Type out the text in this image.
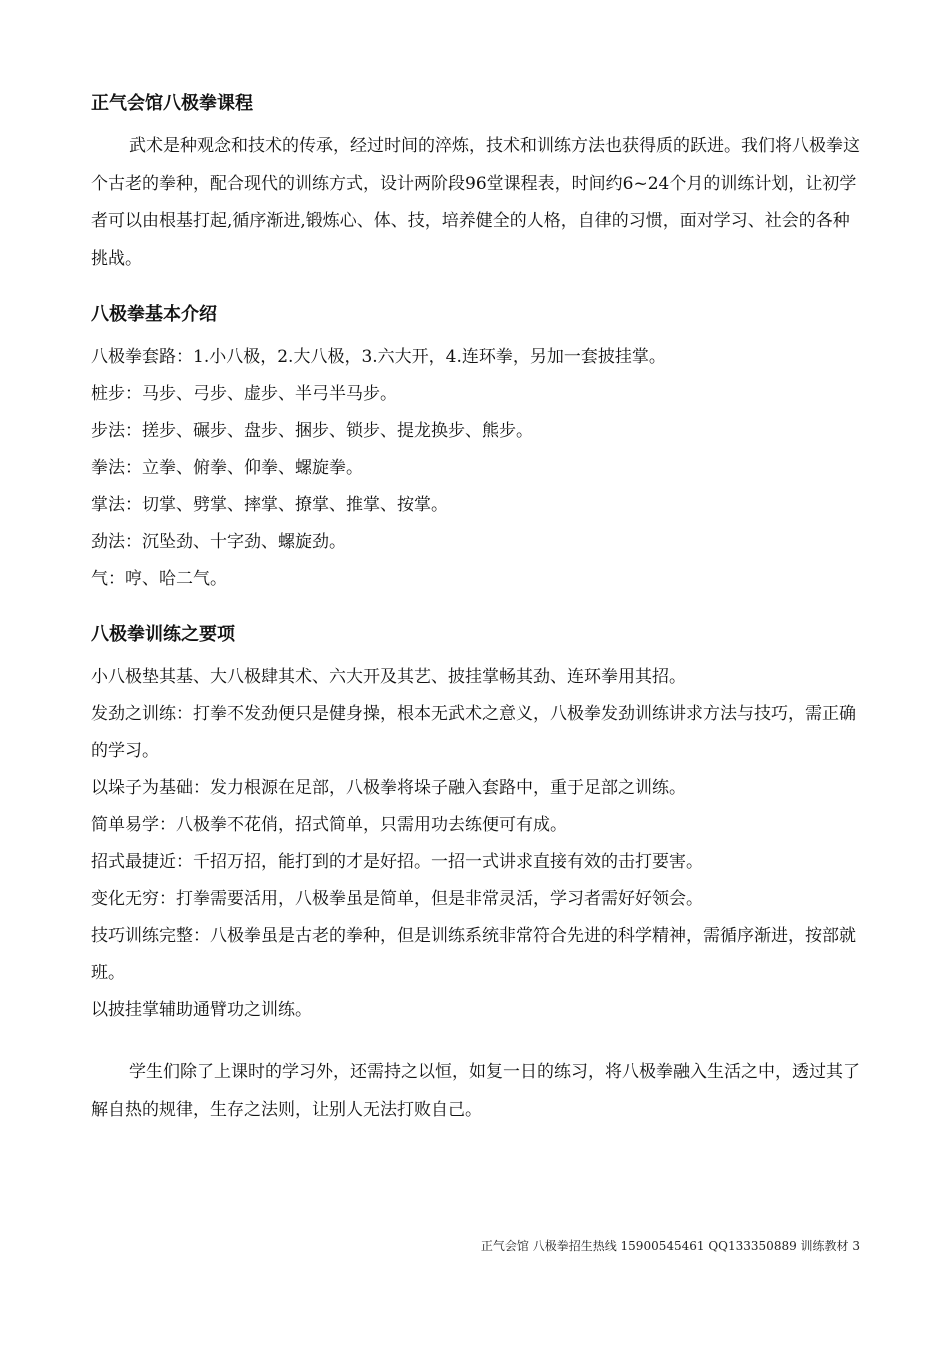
正气会馆八极拳课程

武术是种观念和技术的传承，经过时间的淬炼，技术和训练方法也获得质的跃进。我们将八极拳这个古老的拳种，配合现代的训练方式，设计两阶段96堂课程表，时间约6~24个月的训练计划，让初学者可以由根基打起,循序渐进,锻炼心、体、技，培养健全的人格，自律的习惯，面对学习、社会的各种挑战。

八极拳基本介绍

八极拳套路：1.小八极，2.大八极，3.六大开，4.连环拳，另加一套披挂掌。

桩步：马步、弓步、虚步、半弓半马步。

步法：搓步、碾步、盘步、捆步、锁步、提龙换步、熊步。

拳法：立拳、俯拳、仰拳、螺旋拳。

掌法：切掌、劈掌、摔掌、撩掌、推掌、按掌。

劲法：沉坠劲、十字劲、螺旋劲。

气：哼、哈二气。

八极拳训练之要项

小八极垫其基、大八极肆其术、六大开及其艺、披挂掌畅其劲、连环拳用其招。

发劲之训练：打拳不发劲便只是健身操，根本无武术之意义，八极拳发劲训练讲求方法与技巧，需正确的学习。

以垛子为基础：发力根源在足部，八极拳将垛子融入套路中，重于足部之训练。

简单易学：八极拳不花俏，招式简单，只需用功去练便可有成。

招式最捷近：千招万招，能打到的才是好招。一招一式讲求直接有效的击打要害。

变化无穷：打拳需要活用，八极拳虽是简单，但是非常灵活，学习者需好好领会。

技巧训练完整：八极拳虽是古老的拳种，但是训练系统非常符合先进的科学精神，需循序渐进，按部就班。

以披挂掌辅助通臂功之训练。

学生们除了上课时的学习外，还需持之以恒，如复一日的练习，将八极拳融入生活之中，透过其了解自热的规律，生存之法则，让别人无法打败自己。

正气会馆 八极拳招生热线 15900545461 QQ133350889 训练教材 3
